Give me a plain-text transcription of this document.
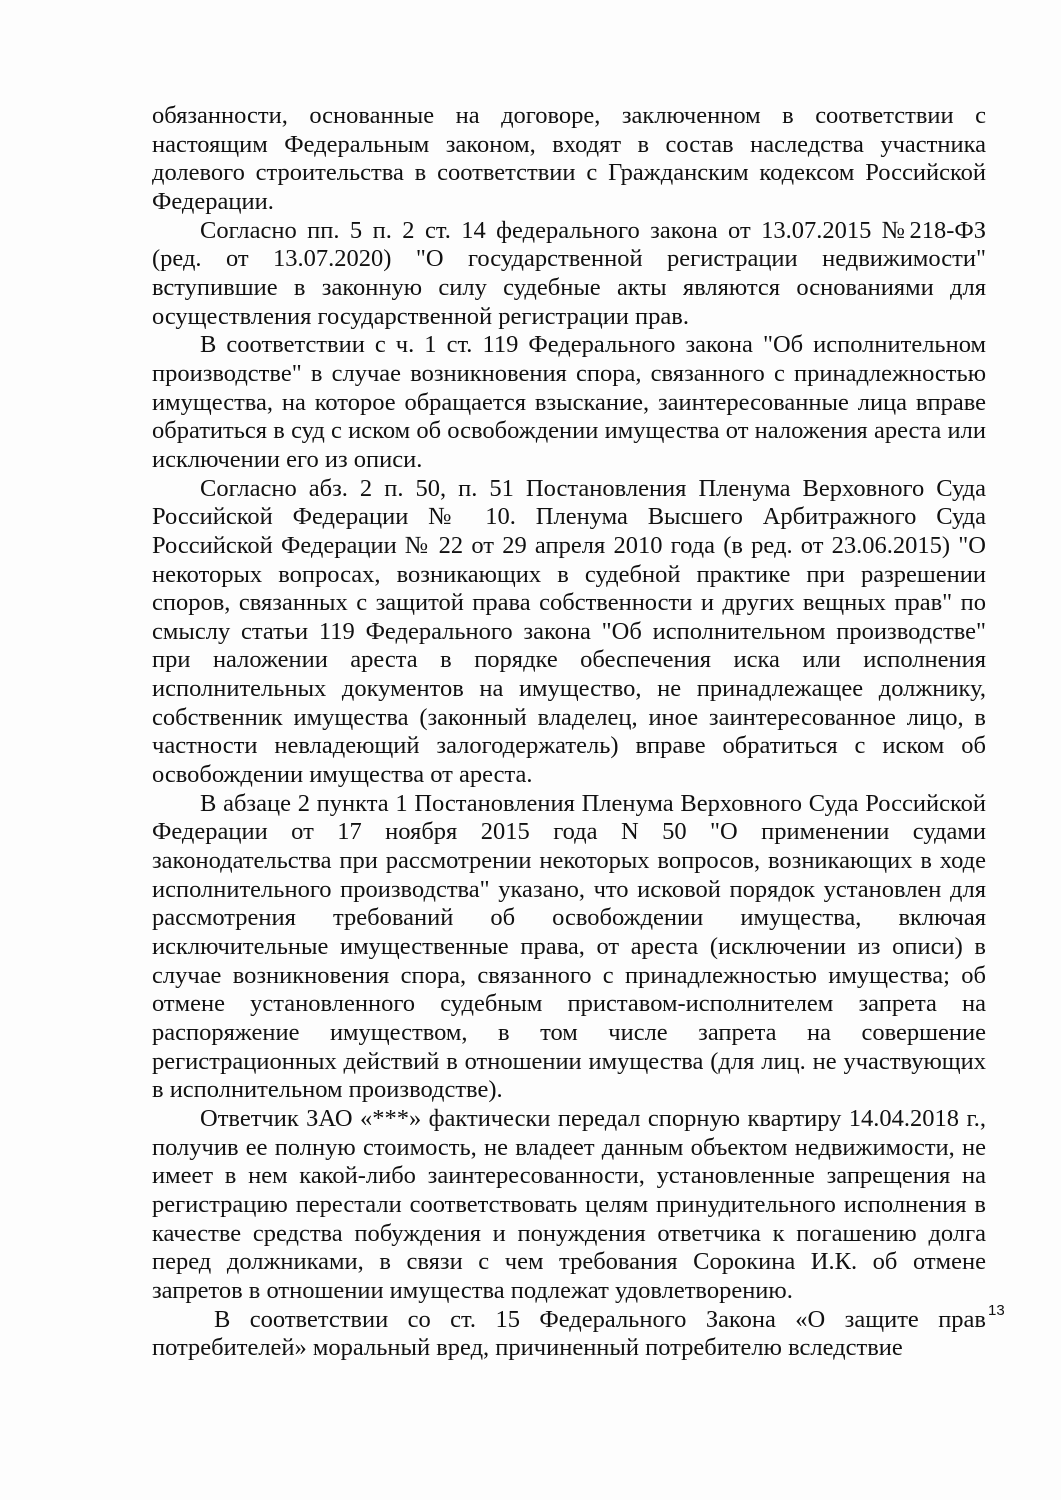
обязанности, основанные на договоре, заключенном в соответствии с настоящим Федеральным законом, входят в состав наследства участника долевого строительства в соответствии с Гражданским кодексом Российской Федерации.

Согласно пп. 5 п. 2 ст. 14 федерального закона от 13.07.2015 №218-ФЗ (ред. от 13.07.2020) "О государственной регистрации недвижимости" вступившие в законную силу судебные акты являются основаниями для осуществления государственной регистрации прав.

В соответствии с ч. 1 ст. 119 Федерального закона "Об исполнительном производстве" в случае возникновения спора, связанного с принадлежностью имущества, на которое обращается взыскание, заинтересованные лица вправе обратиться в суд с иском об освобождении имущества от наложения ареста или исключении его из описи.

Согласно абз. 2 п. 50, п. 51 Постановления Пленума Верховного Суда Российской Федерации № 10. Пленума Высшего Арбитражного Суда Российской Федерации № 22 от 29 апреля 2010 года (в ред. от 23.06.2015) "О некоторых вопросах, возникающих в судебной практике при разрешении споров, связанных с защитой права собственности и других вещных прав" по смыслу статьи 119 Федерального закона "Об исполнительном производстве" при наложении ареста в порядке обеспечения иска или исполнения исполнительных документов на имущество, не принадлежащее должнику, собственник имущества (законный владелец, иное заинтересованное лицо, в частности невладеющий залогодержатель) вправе обратиться с иском об освобождении имущества от ареста.

В абзаце 2 пункта 1 Постановления Пленума Верховного Суда Российской Федерации от 17 ноября 2015 года N 50 "О применении судами законодательства при рассмотрении некоторых вопросов, возникающих в ходе исполнительного производства" указано, что исковой порядок установлен для рассмотрения требований об освобождении имущества, включая исключительные имущественные права, от ареста (исключении из описи) в случае возникновения спора, связанного с принадлежностью имущества; об отмене установленного судебным приставом-исполнителем запрета на распоряжение имуществом, в том числе запрета на совершение регистрационных действий в отношении имущества (для лиц. не участвующих в исполнительном производстве).

Ответчик ЗАО «***» фактически передал спорную квартиру 14.04.2018 г., получив ее полную стоимость, не владеет данным объектом недвижимости, не имеет в нем какой-либо заинтересованности, установленные запрещения на регистрацию перестали соответствовать целям принудительного исполнения в качестве средства побуждения и понуждения ответчика к погашению долга перед должниками, в связи с чем требования Сорокина И.К. об отмене запретов в отношении имущества подлежат удовлетворению.

В соответствии со ст. 15 Федерального Закона «О защите прав потребителей» моральный вред, причиненный потребителю вследствие

13
